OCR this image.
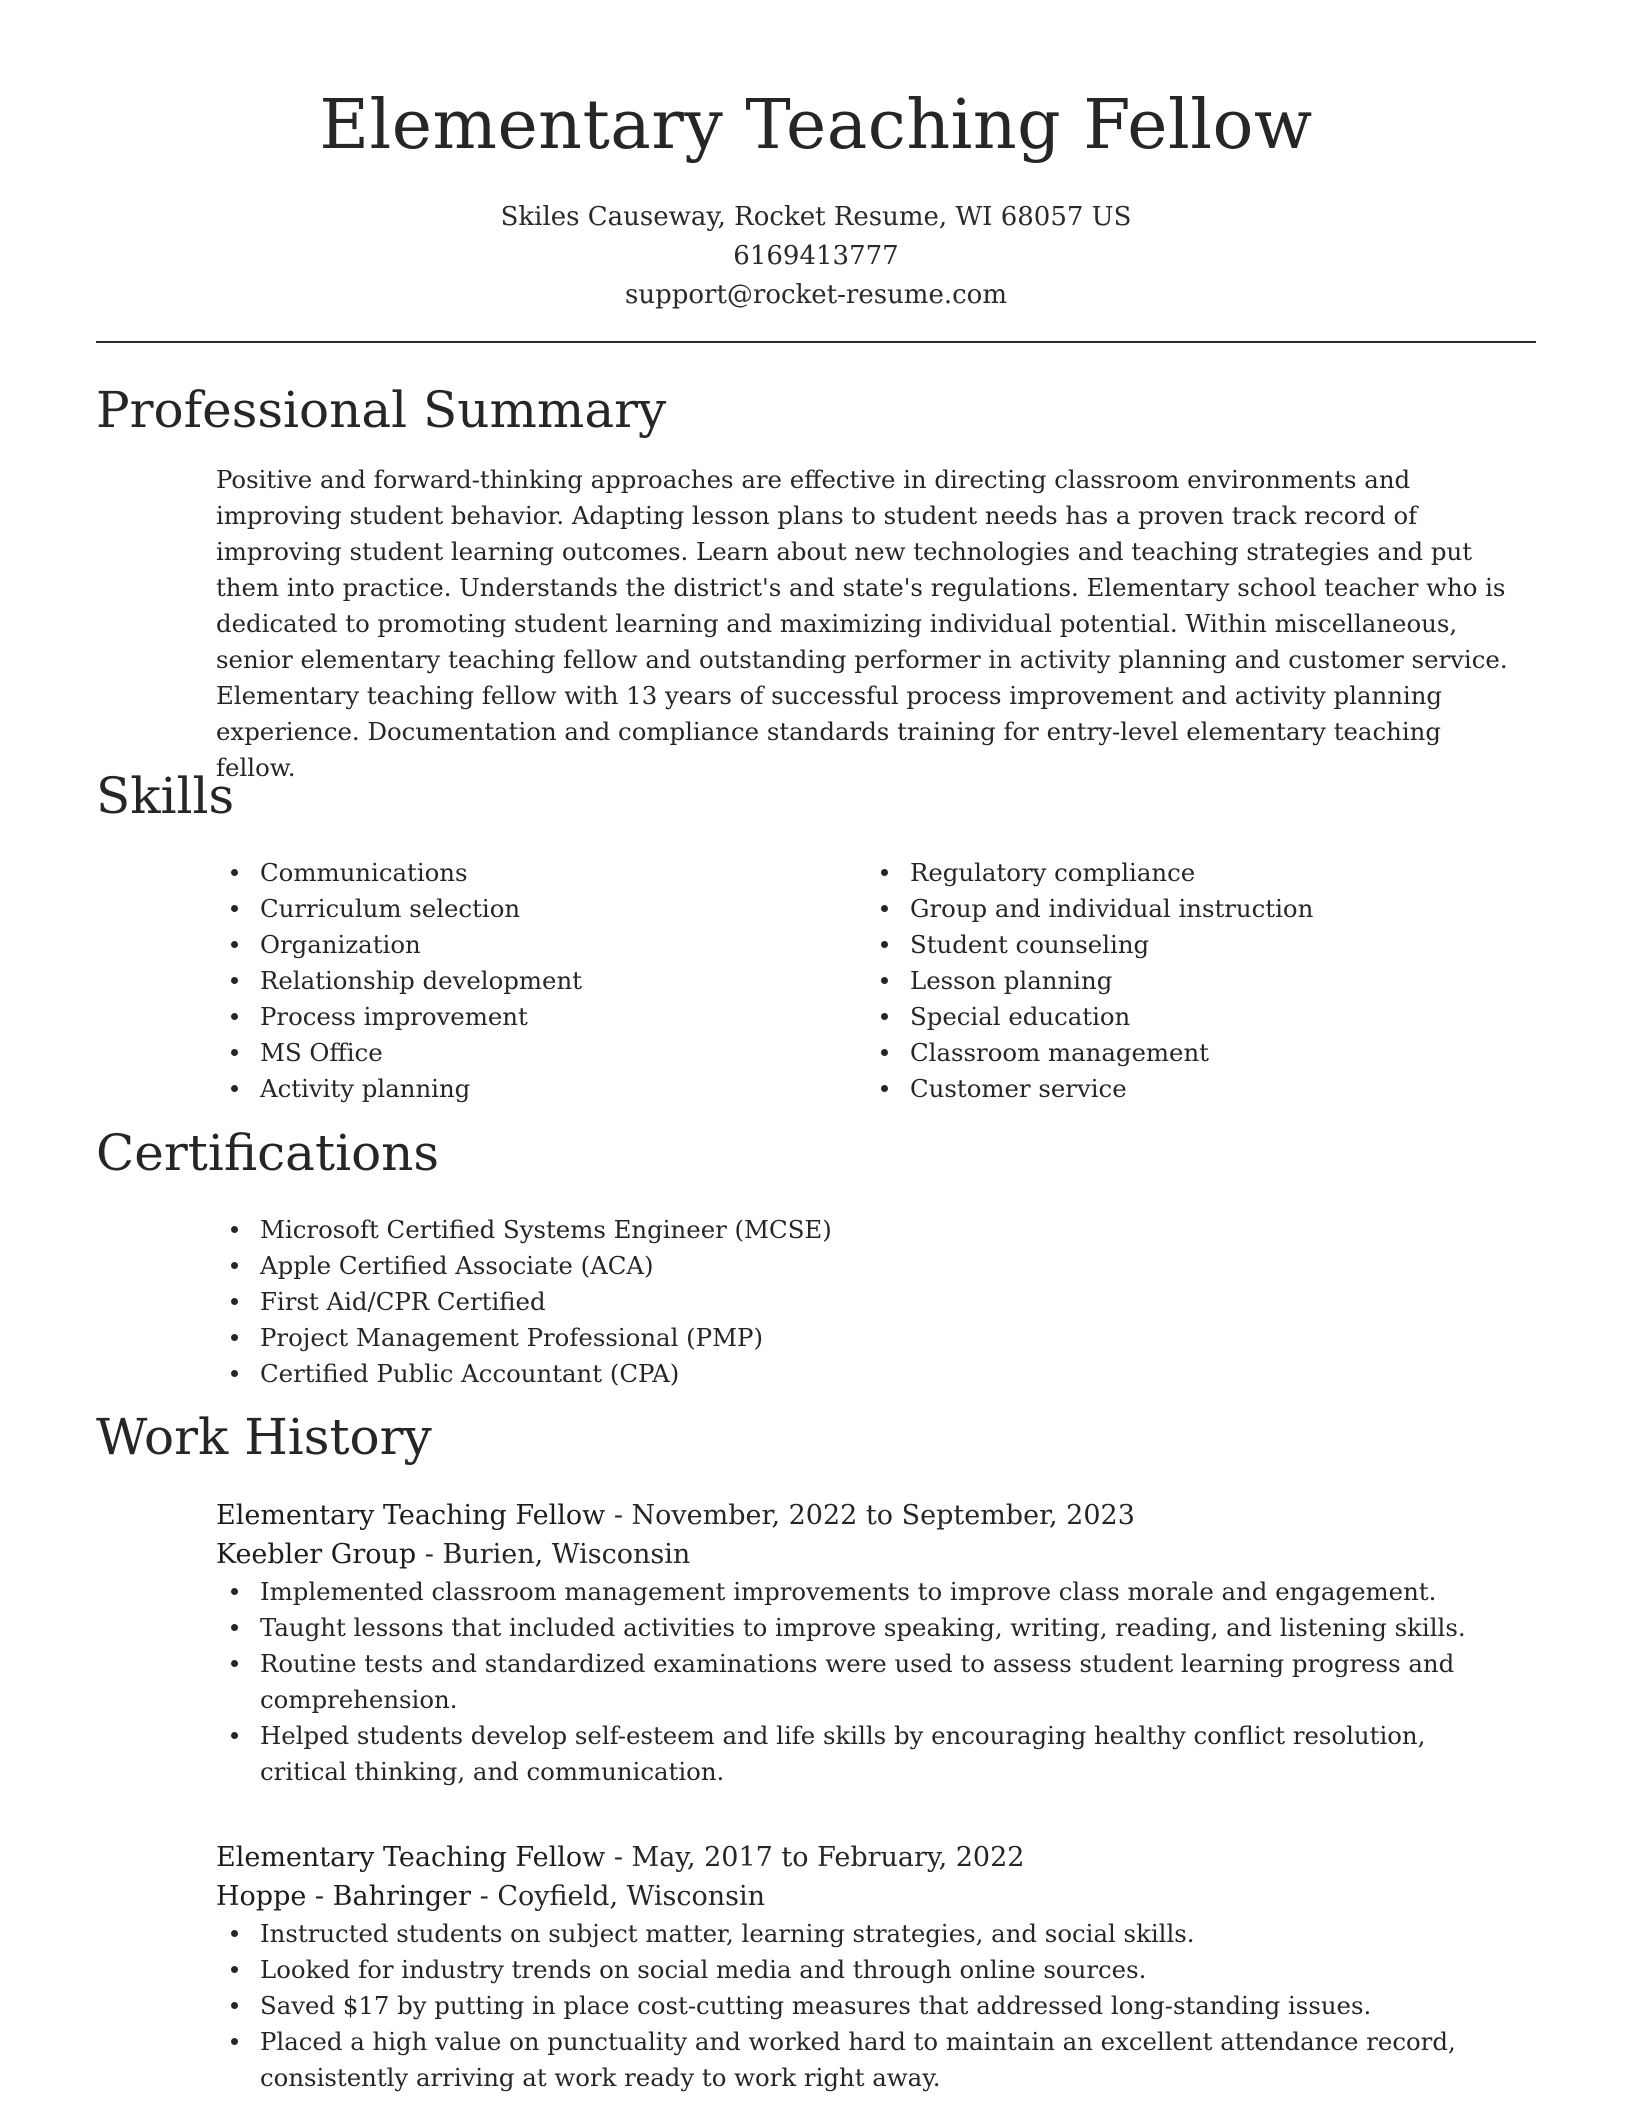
Elementary Teaching Fellow
Skiles Causeway, Rocket Resume, WI 68057 US
6169413777
support@rocket-resume.com
Professional Summary

Positive and forward-thinking approaches are effective in directing classroom environments and improving student behavior. Adapting lesson plans to student needs has a proven track record of improving student learning outcomes. Learn about new technologies and teaching strategies and put them into practice. Understands the district's and state's regulations. Elementary school teacher who is dedicated to promoting student learning and maximizing individual potential. Within miscellaneous, senior elementary teaching fellow and outstanding performer in activity planning and customer service. Elementary teaching fellow with 13 years of successful process improvement and activity planning experience. Documentation and compliance standards training for entry-level elementary teaching fellow.

Skills
Communications
Curriculum selection
Organization
Relationship development
Process improvement
MS Office
Activity planning
Regulatory compliance
Group and individual instruction
Student counseling
Lesson planning
Special education
Classroom management
Customer service
Certifications
Microsoft Certified Systems Engineer (MCSE)
Apple Certified Associate (ACA)
First Aid/CPR Certified
Project Management Professional (PMP)
Certified Public Accountant (CPA)
Work History
Elementary Teaching Fellow - November, 2022 to September, 2023
Keebler Group - Burien, Wisconsin
Implemented classroom management improvements to improve class morale and engagement.
Taught lessons that included activities to improve speaking, writing, reading, and listening skills.
Routine tests and standardized examinations were used to assess student learning progress and comprehension.
Helped students develop self-esteem and life skills by encouraging healthy conflict resolution, critical thinking, and communication.
Elementary Teaching Fellow - May, 2017 to February, 2022
Hoppe - Bahringer - Coyfield, Wisconsin
Instructed students on subject matter, learning strategies, and social skills.
Looked for industry trends on social media and through online sources.
Saved $17 by putting in place cost-cutting measures that addressed long-standing issues.
Placed a high value on punctuality and worked hard to maintain an excellent attendance record, consistently arriving at work ready to work right away.
